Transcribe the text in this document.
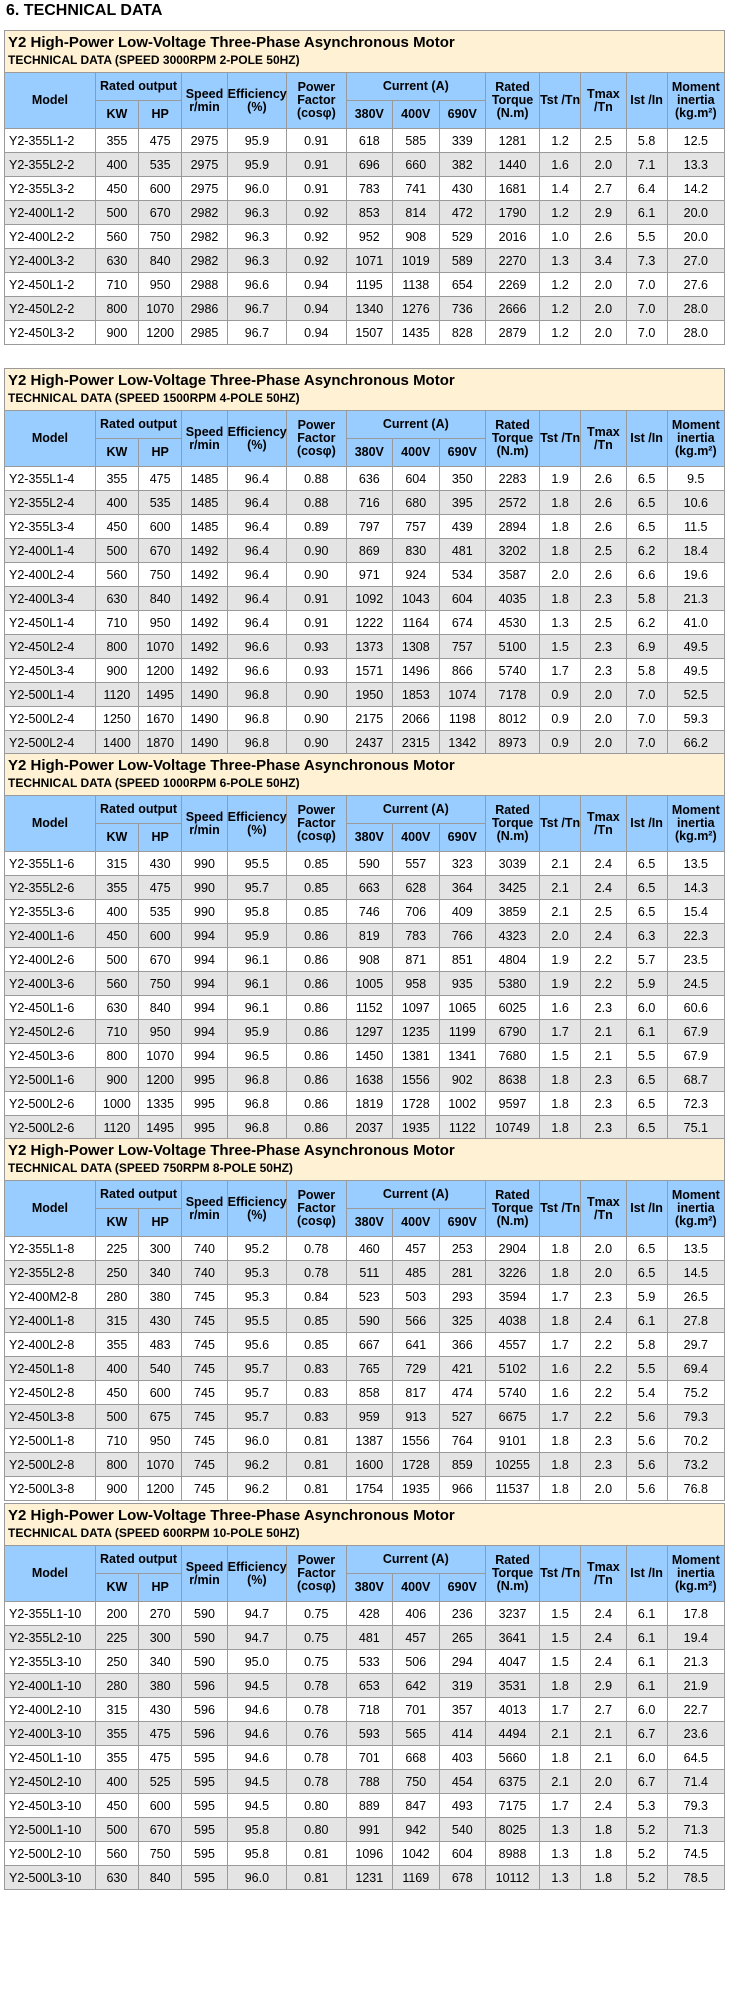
6. TECHNICAL DATA
Y2 High-Power Low-Voltage Three-Phase Asynchronous Motor
TECHNICAL DATA (SPEED 3000RPM 2-POLE 50HZ)
Model	Rated output		Speed r/min	Efficiency (%)	Power Factor (cosφ)	Current (A)			Rated Torque (N.m)	Tst /Tn	Tmax /Tn	Ist /In	Moment inertia (kg.m²)
	KW	HP				380V	400V	690V					
Y2-355L1-2	355	475	2975	95.9	0.91	618	585	339	1281	1.2	2.5	5.8	12.5
Y2-355L2-2	400	535	2975	95.9	0.91	696	660	382	1440	1.6	2.0	7.1	13.3
Y2-355L3-2	450	600	2975	96.0	0.91	783	741	430	1681	1.4	2.7	6.4	14.2
Y2-400L1-2	500	670	2982	96.3	0.92	853	814	472	1790	1.2	2.9	6.1	20.0
Y2-400L2-2	560	750	2982	96.3	0.92	952	908	529	2016	1.0	2.6	5.5	20.0
Y2-400L3-2	630	840	2982	96.3	0.92	1071	1019	589	2270	1.3	3.4	7.3	27.0
Y2-450L1-2	710	950	2988	96.6	0.94	1195	1138	654	2269	1.2	2.0	7.0	27.6
Y2-450L2-2	800	1070	2986	96.7	0.94	1340	1276	736	2666	1.2	2.0	7.0	28.0
Y2-450L3-2	900	1200	2985	96.7	0.94	1507	1435	828	2879	1.2	2.0	7.0	28.0
Y2 High-Power Low-Voltage Three-Phase Asynchronous Motor
TECHNICAL DATA (SPEED 1500RPM 4-POLE 50HZ)
Model	Rated output		Speed r/min	Efficiency (%)	Power Factor (cosφ)	Current (A)			Rated Torque (N.m)	Tst /Tn	Tmax /Tn	Ist /In	Moment inertia (kg.m²)
	KW	HP				380V	400V	690V					
Y2-355L1-4	355	475	1485	96.4	0.88	636	604	350	2283	1.9	2.6	6.5	9.5
Y2-355L2-4	400	535	1485	96.4	0.88	716	680	395	2572	1.8	2.6	6.5	10.6
Y2-355L3-4	450	600	1485	96.4	0.89	797	757	439	2894	1.8	2.6	6.5	11.5
Y2-400L1-4	500	670	1492	96.4	0.90	869	830	481	3202	1.8	2.5	6.2	18.4
Y2-400L2-4	560	750	1492	96.4	0.90	971	924	534	3587	2.0	2.6	6.6	19.6
Y2-400L3-4	630	840	1492	96.4	0.91	1092	1043	604	4035	1.8	2.3	5.8	21.3
Y2-450L1-4	710	950	1492	96.4	0.91	1222	1164	674	4530	1.3	2.5	6.2	41.0
Y2-450L2-4	800	1070	1492	96.6	0.93	1373	1308	757	5100	1.5	2.3	6.9	49.5
Y2-450L3-4	900	1200	1492	96.6	0.93	1571	1496	866	5740	1.7	2.3	5.8	49.5
Y2-500L1-4	1120	1495	1490	96.8	0.90	1950	1853	1074	7178	0.9	2.0	7.0	52.5
Y2-500L2-4	1250	1670	1490	96.8	0.90	2175	2066	1198	8012	0.9	2.0	7.0	59.3
Y2-500L2-4	1400	1870	1490	96.8	0.90	2437	2315	1342	8973	0.9	2.0	7.0	66.2
Y2 High-Power Low-Voltage Three-Phase Asynchronous Motor
TECHNICAL DATA (SPEED 1000RPM 6-POLE 50HZ)
Model	Rated output		Speed r/min	Efficiency (%)	Power Factor (cosφ)	Current (A)			Rated Torque (N.m)	Tst /Tn	Tmax /Tn	Ist /In	Moment inertia (kg.m²)
	KW	HP				380V	400V	690V					
Y2-355L1-6	315	430	990	95.5	0.85	590	557	323	3039	2.1	2.4	6.5	13.5
Y2-355L2-6	355	475	990	95.7	0.85	663	628	364	3425	2.1	2.4	6.5	14.3
Y2-355L3-6	400	535	990	95.8	0.85	746	706	409	3859	2.1	2.5	6.5	15.4
Y2-400L1-6	450	600	994	95.9	0.86	819	783	766	4323	2.0	2.4	6.3	22.3
Y2-400L2-6	500	670	994	96.1	0.86	908	871	851	4804	1.9	2.2	5.7	23.5
Y2-400L3-6	560	750	994	96.1	0.86	1005	958	935	5380	1.9	2.2	5.9	24.5
Y2-450L1-6	630	840	994	96.1	0.86	1152	1097	1065	6025	1.6	2.3	6.0	60.6
Y2-450L2-6	710	950	994	95.9	0.86	1297	1235	1199	6790	1.7	2.1	6.1	67.9
Y2-450L3-6	800	1070	994	96.5	0.86	1450	1381	1341	7680	1.5	2.1	5.5	67.9
Y2-500L1-6	900	1200	995	96.8	0.86	1638	1556	902	8638	1.8	2.3	6.5	68.7
Y2-500L2-6	1000	1335	995	96.8	0.86	1819	1728	1002	9597	1.8	2.3	6.5	72.3
Y2-500L2-6	1120	1495	995	96.8	0.86	2037	1935	1122	10749	1.8	2.3	6.5	75.1
Y2 High-Power Low-Voltage Three-Phase Asynchronous Motor
TECHNICAL DATA (SPEED 750RPM 8-POLE 50HZ)
Model	Rated output		Speed r/min	Efficiency (%)	Power Factor (cosφ)	Current (A)			Rated Torque (N.m)	Tst /Tn	Tmax /Tn	Ist /In	Moment inertia (kg.m²)
	KW	HP				380V	400V	690V					
Y2-355L1-8	225	300	740	95.2	0.78	460	457	253	2904	1.8	2.0	6.5	13.5
Y2-355L2-8	250	340	740	95.3	0.78	511	485	281	3226	1.8	2.0	6.5	14.5
Y2-400M2-8	280	380	745	95.3	0.84	523	503	293	3594	1.7	2.3	5.9	26.5
Y2-400L1-8	315	430	745	95.5	0.85	590	566	325	4038	1.8	2.4	6.1	27.8
Y2-400L2-8	355	483	745	95.6	0.85	667	641	366	4557	1.7	2.2	5.8	29.7
Y2-450L1-8	400	540	745	95.7	0.83	765	729	421	5102	1.6	2.2	5.5	69.4
Y2-450L2-8	450	600	745	95.7	0.83	858	817	474	5740	1.6	2.2	5.4	75.2
Y2-450L3-8	500	675	745	95.7	0.83	959	913	527	6675	1.7	2.2	5.6	79.3
Y2-500L1-8	710	950	745	96.0	0.81	1387	1556	764	9101	1.8	2.3	5.6	70.2
Y2-500L2-8	800	1070	745	96.2	0.81	1600	1728	859	10255	1.8	2.3	5.6	73.2
Y2-500L3-8	900	1200	745	96.2	0.81	1754	1935	966	11537	1.8	2.0	5.6	76.8
Y2 High-Power Low-Voltage Three-Phase Asynchronous Motor
TECHNICAL DATA (SPEED 600RPM 10-POLE 50HZ)
Model	Rated output		Speed r/min	Efficiency (%)	Power Factor (cosφ)	Current (A)			Rated Torque (N.m)	Tst /Tn	Tmax /Tn	Ist /In	Moment inertia (kg.m²)
	KW	HP				380V	400V	690V					
Y2-355L1-10	200	270	590	94.7	0.75	428	406	236	3237	1.5	2.4	6.1	17.8
Y2-355L2-10	225	300	590	94.7	0.75	481	457	265	3641	1.5	2.4	6.1	19.4
Y2-355L3-10	250	340	590	95.0	0.75	533	506	294	4047	1.5	2.4	6.1	21.3
Y2-400L1-10	280	380	596	94.5	0.78	653	642	319	3531	1.8	2.9	6.1	21.9
Y2-400L2-10	315	430	596	94.6	0.78	718	701	357	4013	1.7	2.7	6.0	22.7
Y2-400L3-10	355	475	596	94.6	0.76	593	565	414	4494	2.1	2.1	6.7	23.6
Y2-450L1-10	355	475	595	94.6	0.78	701	668	403	5660	1.8	2.1	6.0	64.5
Y2-450L2-10	400	525	595	94.5	0.78	788	750	454	6375	2.1	2.0	6.7	71.4
Y2-450L3-10	450	600	595	94.5	0.80	889	847	493	7175	1.7	2.4	5.3	79.3
Y2-500L1-10	500	670	595	95.8	0.80	991	942	540	8025	1.3	1.8	5.2	71.3
Y2-500L2-10	560	750	595	95.8	0.81	1096	1042	604	8988	1.3	1.8	5.2	74.5
Y2-500L3-10	630	840	595	96.0	0.81	1231	1169	678	10112	1.3	1.8	5.2	78.5
